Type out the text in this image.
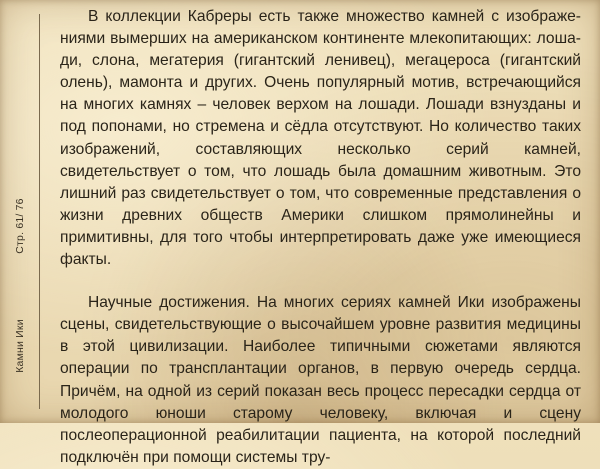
Стр. 61/ 76
Камни Ики

В коллекции Кабреры есть также множество камней с изображениями вымерших на американском континенте млекопитающих: лошади, слона, мегатерия (гигантский ленивец), мегацероса (гигантский олень), мамонта и других. Очень популярный мотив, встречающийся на многих камнях – человек верхом на лошади. Лошади взнузданы и под попонами, но стремена и сёдла отсутствуют. Но количество таких изображений, составляющих несколько серий камней, свидетельствует о том, что лошадь была домашним животным. Это лишний раз свидетельствует о том, что современные представления о жизни древних обществ Америки слишком прямолинейны и примитивны, для того чтобы интерпретировать даже уже имеющиеся факты.

Научные достижения. На многих сериях камней Ики изображены сцены, свидетельствующие о высочайшем уровне развития медицины в этой цивилизации. Наиболее типичными сюжетами являются операции по трансплантации органов, в первую очередь сердца. Причём, на одной из серий показан весь процесс пересадки сердца от молодого юноши старому человеку, включая и сцену послеоперационной реабилитации пациента, на которой последний подключён при помощи системы тру-
